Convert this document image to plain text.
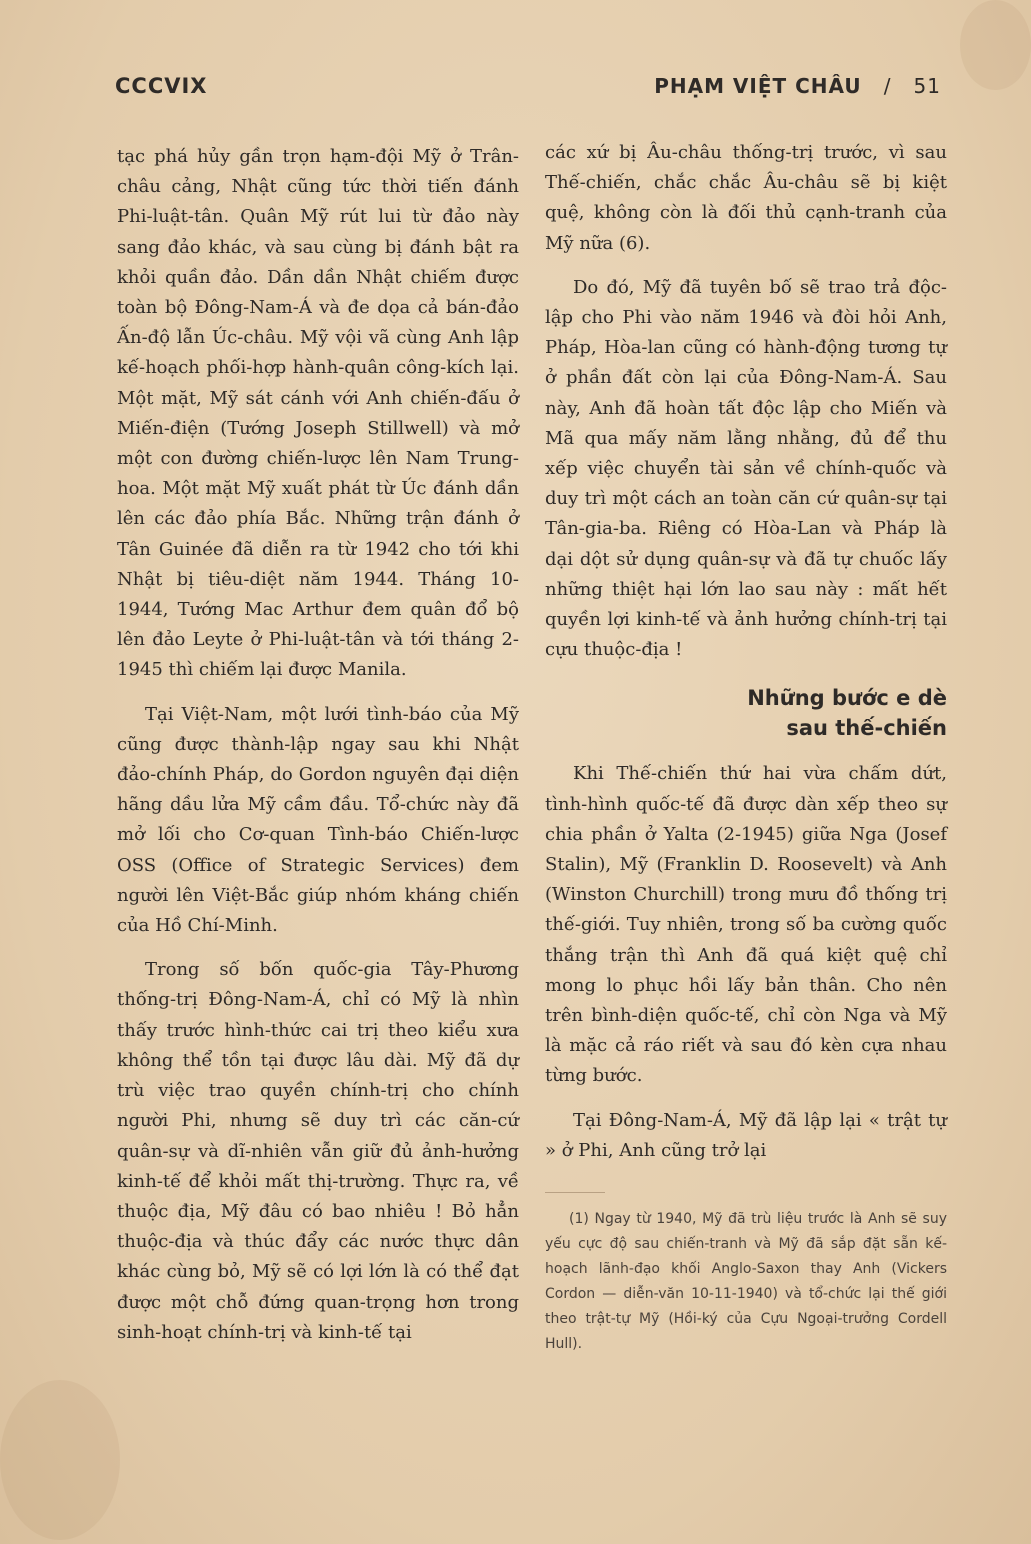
CCCVIX	PHẠM VIỆT CHÂU / 51

tạc phá hủy gần trọn hạm-đội Mỹ ở Trân-châu cảng, Nhật cũng tức thời tiến đánh Phi-luật-tân. Quân Mỹ rút lui từ đảo này sang đảo khác, và sau cùng bị đánh bật ra khỏi quần đảo. Dần dần Nhật chiếm được toàn bộ Đông-Nam-Á và đe dọa cả bán-đảo Ấn-độ lẫn Úc-châu. Mỹ vội vã cùng Anh lập kế-hoạch phối-hợp hành-quân công-kích lại. Một mặt, Mỹ sát cánh với Anh chiến-đấu ở Miến-điện (Tướng Joseph Stillwell) và mở một con đường chiến-lược lên Nam Trung-hoa. Một mặt Mỹ xuất phát từ Úc đánh dần lên các đảo phía Bắc. Những trận đánh ở Tân Guinée đã diễn ra từ 1942 cho tới khi Nhật bị tiêu-diệt năm 1944. Tháng 10-1944, Tướng Mac Arthur đem quân đổ bộ lên đảo Leyte ở Phi-luật-tân và tới tháng 2-1945 thì chiếm lại được Manila.

Tại Việt-Nam, một lưới tình-báo của Mỹ cũng được thành-lập ngay sau khi Nhật đảo-chính Pháp, do Gordon nguyên đại diện hãng dầu lửa Mỹ cầm đầu. Tổ-chức này đã mở lối cho Cơ-quan Tình-báo Chiến-lược OSS (Office of Strategic Services) đem người lên Việt-Bắc giúp nhóm kháng chiến của Hồ Chí-Minh.

Trong số bốn quốc-gia Tây-Phương thống-trị Đông-Nam-Á, chỉ có Mỹ là nhìn thấy trước hình-thức cai trị theo kiểu xưa không thể tồn tại được lâu dài. Mỹ đã dự trù việc trao quyền chính-trị cho chính người Phi, nhưng sẽ duy trì các căn-cứ quân-sự và dĩ-nhiên vẫn giữ đủ ảnh-hưởng kinh-tế để khỏi mất thị-trường. Thực ra, về thuộc địa, Mỹ đâu có bao nhiêu ! Bỏ hẳn thuộc-địa và thúc đẩy các nước thực dân khác cùng bỏ, Mỹ sẽ có lợi lớn là có thể đạt được một chỗ đứng quan-trọng hơn trong sinh-hoạt chính-trị và kinh-tế tại

các xứ bị Âu-châu thống-trị trước, vì sau Thế-chiến, chắc chắc Âu-châu sẽ bị kiệt quệ, không còn là đối thủ cạnh-tranh của Mỹ nữa (6).

Do đó, Mỹ đã tuyên bố sẽ trao trả độc-lập cho Phi vào năm 1946 và đòi hỏi Anh, Pháp, Hòa-lan cũng có hành-động tương tự ở phần đất còn lại của Đông-Nam-Á. Sau này, Anh đã hoàn tất độc lập cho Miến và Mã qua mấy năm lằng nhằng, đủ để thu xếp việc chuyển tài sản về chính-quốc và duy trì một cách an toàn căn cứ quân-sự tại Tân-gia-ba. Riêng có Hòa-Lan và Pháp là dại dột sử dụng quân-sự và đã tự chuốc lấy những thiệt hại lớn lao sau này : mất hết quyền lợi kinh-tế và ảnh hưởng chính-trị tại cựu thuộc-địa !

Những bước e dè
sau thế-chiến

Khi Thế-chiến thứ hai vừa chấm dứt, tình-hình quốc-tế đã được dàn xếp theo sự chia phần ở Yalta (2-1945) giữa Nga (Josef Stalin), Mỹ (Franklin D. Roosevelt) và Anh (Winston Churchill) trong mưu đồ thống trị thế-giới. Tuy nhiên, trong số ba cường quốc thắng trận thì Anh đã quá kiệt quệ chỉ mong lo phục hồi lấy bản thân. Cho nên trên bình-diện quốc-tế, chỉ còn Nga và Mỹ là mặc cả ráo riết và sau đó kèn cựa nhau từng bước.

Tại Đông-Nam-Á, Mỹ đã lập lại « trật tự » ở Phi, Anh cũng trở lại

(1) Ngay từ 1940, Mỹ đã trù liệu trước là Anh sẽ suy yếu cực độ sau chiến-tranh và Mỹ đã sắp đặt sẵn kế-hoạch lãnh-đạo khối Anglo-Saxon thay Anh (Vickers Cordon — diễn-văn 10-11-1940) và tổ-chức lại thế giới theo trật-tự Mỹ (Hồi-ký của Cựu Ngoại-trưởng Cordell Hull).
